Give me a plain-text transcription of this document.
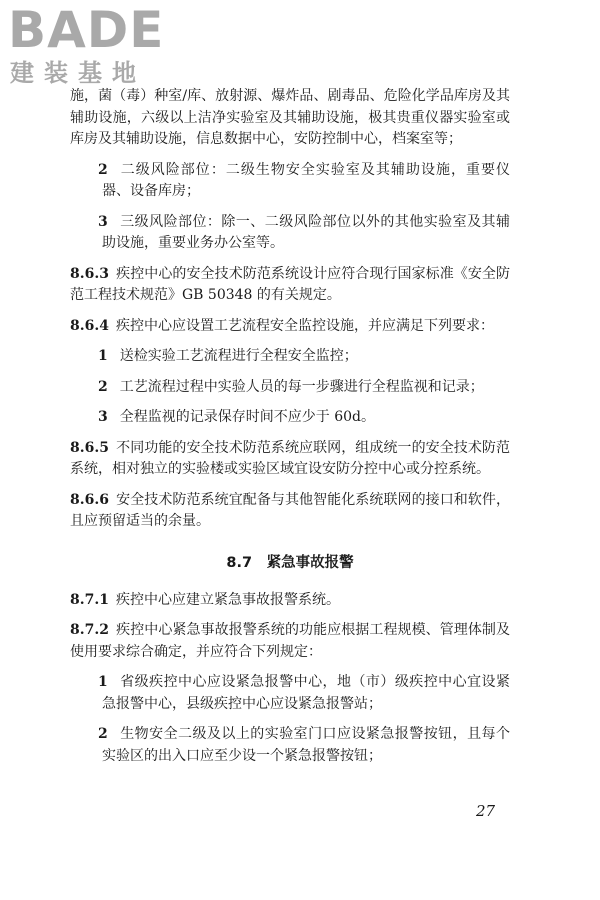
BADE
建装基地

施，菌（毒）种室/库、放射源、爆炸品、剧毒品、危险化学品库房及其辅助设施，六级以上洁净实验室及其辅助设施，极其贵重仪器实验室或库房及其辅助设施，信息数据中心，安防控制中心，档案室等；

2 二级风险部位：二级生物安全实验室及其辅助设施，重要仪器、设备库房；

3 三级风险部位：除一、二级风险部位以外的其他实验室及其辅助设施，重要业务办公室等。

8.6.3　 疾控中心的安全技术防范系统设计应符合现行国家标准《安全防范工程技术规范》GB 50348 的有关规定。

8.6.4　 疾控中心应设置工艺流程安全监控设施，并应满足下列要求：

1 送检实验工艺流程进行全程安全监控；

2 工艺流程过程中实验人员的每一步骤进行全程监视和记录；

3 全程监视的记录保存时间不应少于 60d。

8.6.5　 不同功能的安全技术防范系统应联网，组成统一的安全技术防范系统，相对独立的实验楼或实验区域宜设安防分控中心或分控系统。

8.6.6　 安全技术防范系统宜配备与其他智能化系统联网的接口和软件，且应预留适当的余量。

8.7　紧急事故报警

8.7.1　 疾控中心应建立紧急事故报警系统。

8.7.2　 疾控中心紧急事故报警系统的功能应根据工程规模、管理体制及使用要求综合确定，并应符合下列规定：

1 省级疾控中心应设紧急报警中心，地（市）级疾控中心宜设紧急报警中心，县级疾控中心应设紧急报警站；

2 生物安全二级及以上的实验室门口应设紧急报警按钮，且每个实验区的出入口应至少设一个紧急报警按钮；

27
